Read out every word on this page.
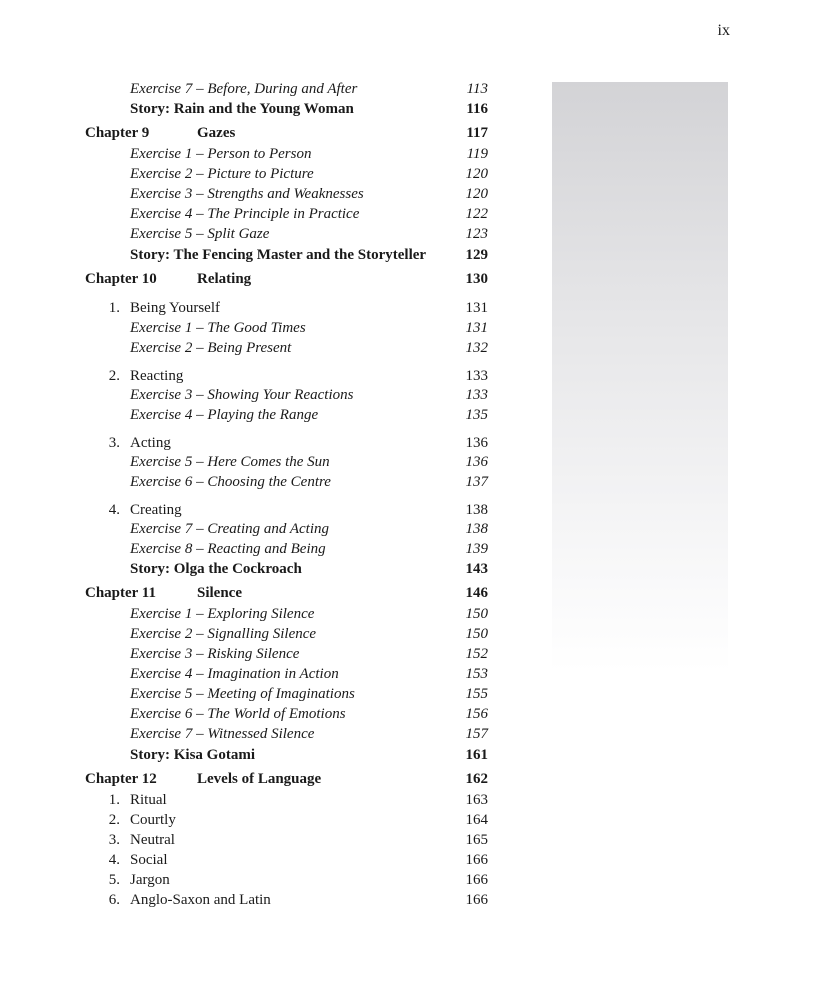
ix
Exercise 7 – Before, During and After	113
Story: Rain and the Young Woman	116
Chapter 9	Gazes	117
Exercise 1 – Person to Person	119
Exercise 2 – Picture to Picture	120
Exercise 3 – Strengths and Weaknesses	120
Exercise 4 – The Principle in Practice	122
Exercise 5 – Split Gaze	123
Story: The Fencing Master and the Storyteller	129
Chapter 10	Relating	130
1. Being Yourself	131
Exercise 1 – The Good Times	131
Exercise 2 – Being Present	132
2. Reacting	133
Exercise 3 – Showing Your Reactions	133
Exercise 4 – Playing the Range	135
3. Acting	136
Exercise 5 – Here Comes the Sun	136
Exercise 6 – Choosing the Centre	137
4. Creating	138
Exercise 7 – Creating and Acting	138
Exercise 8 – Reacting and Being	139
Story: Olga the Cockroach	143
Chapter 11	Silence	146
Exercise 1 – Exploring Silence	150
Exercise 2 – Signalling Silence	150
Exercise 3 – Risking Silence	152
Exercise 4 – Imagination in Action	153
Exercise 5 – Meeting of Imaginations	155
Exercise 6 – The World of Emotions	156
Exercise 7 – Witnessed Silence	157
Story: Kisa Gotami	161
Chapter 12	Levels of Language	162
1. Ritual	163
2. Courtly	164
3. Neutral	165
4. Social	166
5. Jargon	166
6. Anglo-Saxon and Latin	166
